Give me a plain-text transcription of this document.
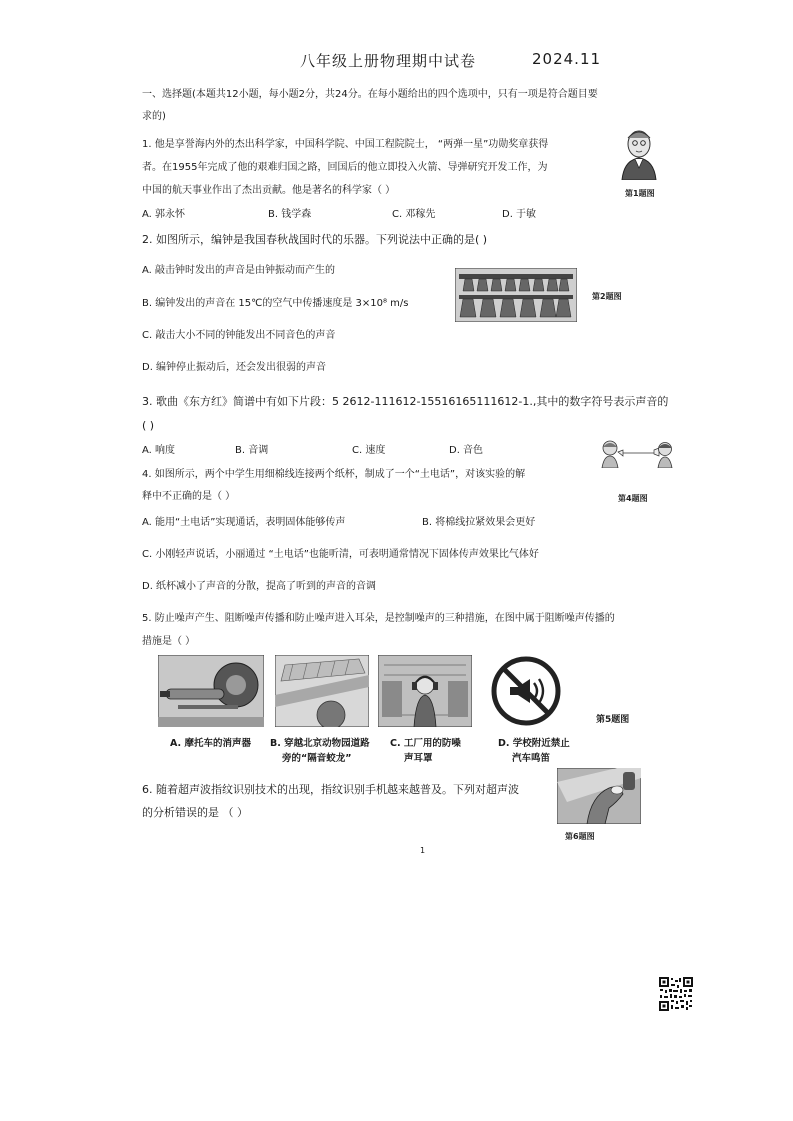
八年级上册物理期中试卷	2024.11
一、选择题(本题共12小题，每小题2分，共24分。在每小题给出的四个选项中，只有一项是符合题目要
求的)
1. 他是享誉海内外的杰出科学家，中国科学院、中国工程院院士， “两弹一星”功勋奖章获得
者。在1955年完成了他的艰难归国之路，回国后的他立即投入火箭、导弹研究开发工作，为
中国的航天事业作出了杰出贡献。他是著名的科学家（ ）	第1题图
A. 郭永怀	B. 钱学森	C. 邓稼先	D. 于敏
2. 如图所示，编钟是我国春秋战国时代的乐器。下列说法中正确的是( )
A. 敲击钟时发出的声音是由钟振动而产生的
B. 编钟发出的声音在 15℃的空气中传播速度是 3×10⁸ m/s
C. 敲击大小不同的钟能发出不同音色的声音
D. 编钟停止振动后，还会发出很弱的声音
第2题图
3. 歌曲《东方红》简谱中有如下片段：5 2612-111612-15516165111612-1.,其中的数字符号表示声音的
( )
A. 响度	B. 音调	C. 速度	D. 音色
4. 如图所示，两个中学生用细棉线连接两个纸杯，制成了一个“土电话”，对该实验的解
释中不正确的是（ ）	第4题图
A. 能用“土电话”实现通话，表明固体能够传声	B. 将棉线拉紧效果会更好
C. 小刚轻声说话，小丽通过 “土电话”也能听清，可表明通常情况下固体传声效果比气体好
D. 纸杯减小了声音的分散，提高了听到的声音的音调
5. 防止噪声产生、阻断噪声传播和防止噪声进入耳朵，是控制噪声的三种措施，在图中属于阻断噪声传播的
措施是（ ）
第5题图
A. 摩托车的消声器 B. 穿越北京动物园道路
旁的“隔音蛟龙”
C. 工厂用的防噪
声耳罩
D. 学校附近禁止
汽车鸣笛
6. 随着超声波指纹识别技术的出现，指纹识别手机越来越普及。下列对超声波
的分析错误的是 （ ）
第6题图
1
